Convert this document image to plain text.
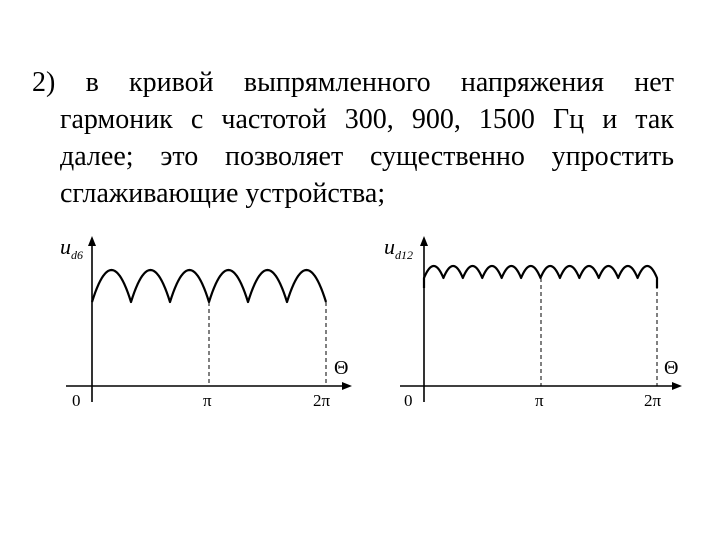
2) в кривой выпрямленного напряжения нет
гармоник с частотой 300, 900, 1500 Гц и так
далее; это позволяет существенно упростить
сглаживающие устройства;
$u_{d6}$
Θ
0	π	2π
$u_{d12}$
Θ
0	π	2π
